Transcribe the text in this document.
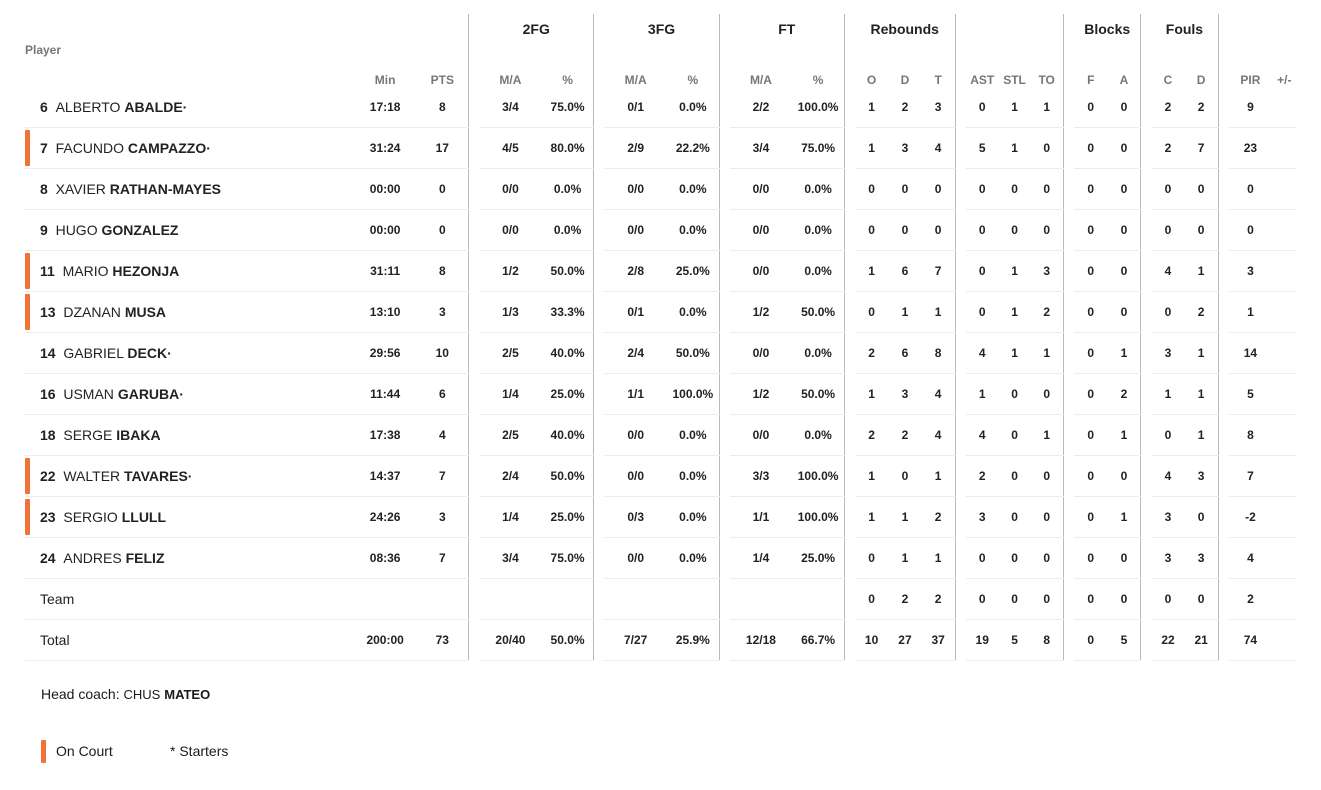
				2FG			3FG			FT			Rebounds								Blocks			Fouls					
Player	Min	PTS		M/A	%		M/A	%		M/A	%		O	D	T		AST	STL	TO		F	A		C	D		PIR	+/-	

6 ALBERTO ABALDE·	17:18	8		3/4	75.0%		0/1	0.0%		2/2	100.0%		1	2	3		0	1	1		0	0		2	2		9		

7 FACUNDO CAMPAZZO·	31:24	17		4/5	80.0%		2/9	22.2%		3/4	75.0%		1	3	4		5	1	0		0	0		2	7		23		

8 XAVIER RATHAN-MAYES	00:00	0		0/0	0.0%		0/0	0.0%		0/0	0.0%		0	0	0		0	0	0		0	0		0	0		0		

9 HUGO GONZALEZ	00:00	0		0/0	0.0%		0/0	0.0%		0/0	0.0%		0	0	0		0	0	0		0	0		0	0		0		

11 MARIO HEZONJA	31:11	8		1/2	50.0%		2/8	25.0%		0/0	0.0%		1	6	7		0	1	3		0	0		4	1		3		

13 DZANAN MUSA	13:10	3		1/3	33.3%		0/1	0.0%		1/2	50.0%		0	1	1		0	1	2		0	0		0	2		1		

14 GABRIEL DECK·	29:56	10		2/5	40.0%		2/4	50.0%		0/0	0.0%		2	6	8		4	1	1		0	1		3	1		14		

16 USMAN GARUBA·	11:44	6		1/4	25.0%		1/1	100.0%		1/2	50.0%		1	3	4		1	0	0		0	2		1	1		5		

18 SERGE IBAKA	17:38	4		2/5	40.0%		0/0	0.0%		0/0	0.0%		2	2	4		4	0	1		0	1		0	1		8		

22 WALTER TAVARES·	14:37	7		2/4	50.0%		0/0	0.0%		3/3	100.0%		1	0	1		2	0	0		0	0		4	3		7		

23 SERGIO LLULL	24:26	3		1/4	25.0%		0/3	0.0%		1/1	100.0%		1	1	2		3	0	0		0	1		3	0		-2		

24 ANDRES FELIZ	08:36	7		3/4	75.0%		0/0	0.0%		1/4	25.0%		0	1	1		0	0	0		0	0		3	3		4		

Team													0	2	2		0	0	0		0	0		0	0		2		

Total	200:00	73		20/40	50.0%		7/27	25.9%		12/18	66.7%		10	27	37		19	5	8		0	5		22	21		74		
Head coach: CHUS MATEO
On Court	* Starters
